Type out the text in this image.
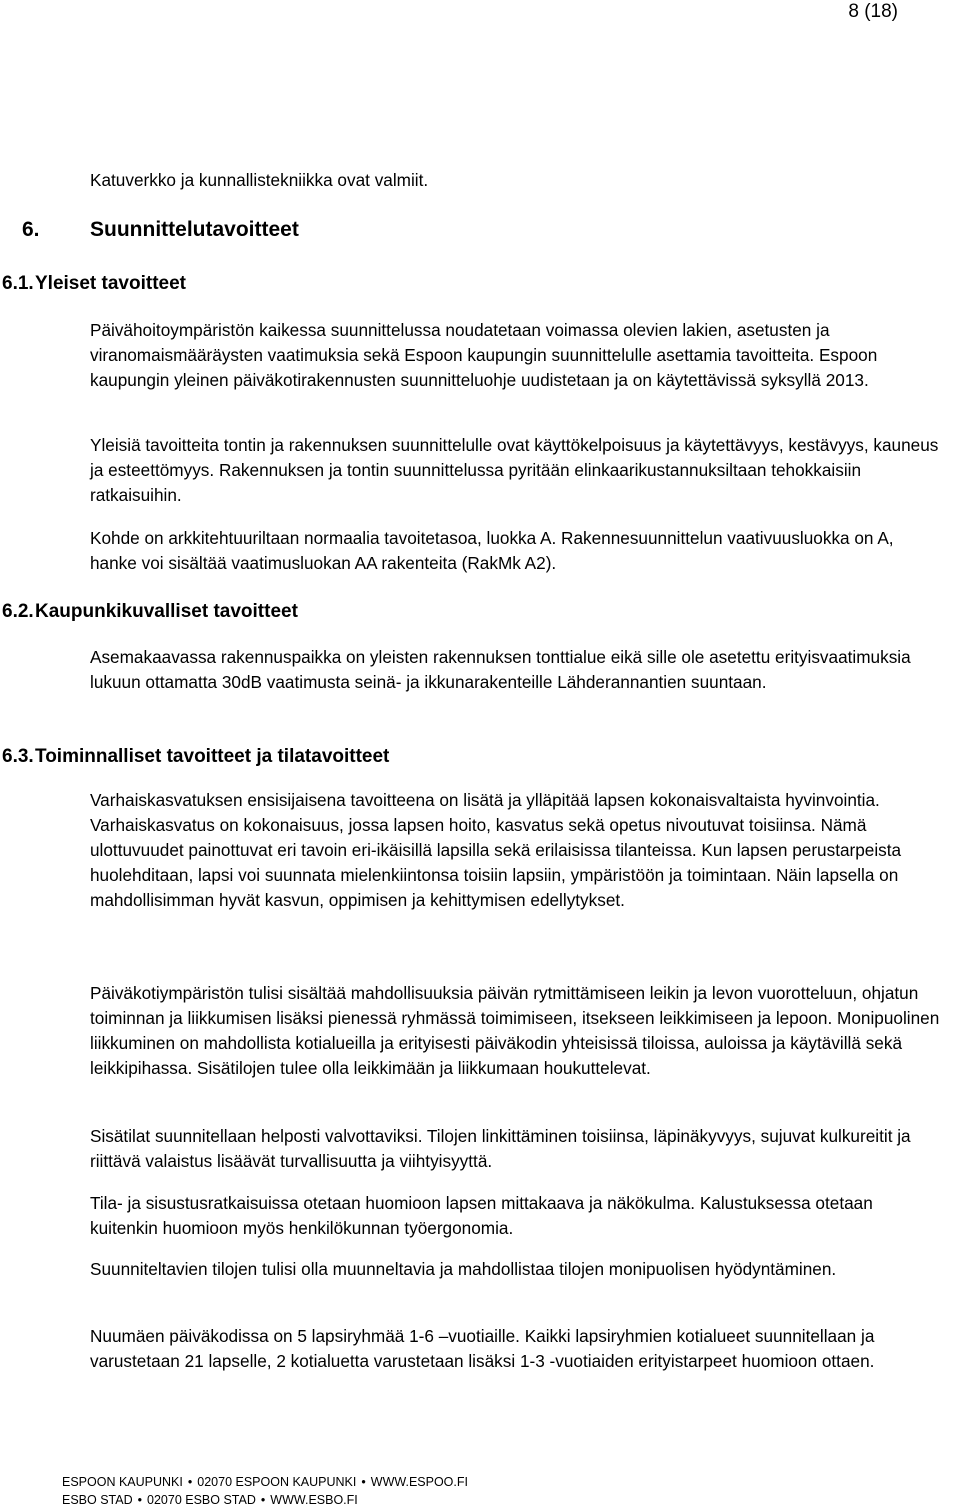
8 (18)

Katuverkko ja kunnallistekniikka ovat valmiit.

6. Suunnittelutavoitteet
6.1.Yleiset tavoitteet

Päivähoitoympäristön kaikessa suunnittelussa noudatetaan voimassa olevien lakien, asetusten ja viranomaismääräysten vaatimuksia sekä Espoon kaupungin suunnittelulle asettamia tavoitteita. Espoon kaupungin yleinen päiväkotirakennusten suunnitteluohje uudistetaan ja on käytettävissä syksyllä 2013.

Yleisiä tavoitteita tontin ja rakennuksen suunnittelulle ovat käyttökelpoisuus ja käytettävyys, kestävyys, kauneus ja esteettömyys. Rakennuksen ja tontin suunnittelussa pyritään elinkaarikustannuksiltaan tehokkaisiin ratkaisuihin.

Kohde on arkkitehtuuriltaan normaalia tavoitetasoa, luokka A. Rakennesuunnittelun vaativuusluokka on A, hanke voi sisältää vaatimusluokan AA rakenteita (RakMk A2).

6.2.Kaupunkikuvalliset tavoitteet

Asemakaavassa rakennuspaikka on yleisten rakennuksen tonttialue eikä sille ole asetettu erityisvaatimuksia lukuun ottamatta 30dB vaatimusta seinä- ja ikkunarakenteille Lähderannantien suuntaan.

6.3.Toiminnalliset tavoitteet ja tilatavoitteet

Varhaiskasvatuksen ensisijaisena tavoitteena on lisätä ja ylläpitää lapsen kokonaisvaltaista hyvinvointia. Varhaiskasvatus on kokonaisuus, jossa lapsen hoito, kasvatus sekä opetus nivoutuvat toisiinsa. Nämä ulottuvuudet painottuvat eri tavoin eri-ikäisillä lapsilla sekä erilaisissa tilanteissa. Kun lapsen perustarpeista huolehditaan, lapsi voi suunnata mielenkiintonsa toisiin lapsiin, ympäristöön ja toimintaan. Näin lapsella on mahdollisimman hyvät kasvun, oppimisen ja kehittymisen edellytykset.

Päiväkotiympäristön tulisi sisältää mahdollisuuksia päivän rytmittämiseen leikin ja levon vuorotteluun, ohjatun toiminnan ja liikkumisen lisäksi pienessä ryhmässä toimimiseen, itsekseen leikkimiseen ja lepoon. Monipuolinen liikkuminen on mahdollista kotialueilla ja erityisesti päiväkodin yhteisissä tiloissa, auloissa ja käytävillä sekä leikkipihassa. Sisätilojen tulee olla leikkimään ja liikkumaan houkuttelevat.

Sisätilat suunnitellaan helposti valvottaviksi. Tilojen linkittäminen toisiinsa, läpinäkyvyys, sujuvat kulkureitit ja riittävä valaistus lisäävät turvallisuutta ja viihtyisyyttä.

Tila- ja sisustusratkaisuissa otetaan huomioon lapsen mittakaava ja näkökulma. Kalustuksessa otetaan kuitenkin huomioon myös henkilökunnan työergonomia.

Suunniteltavien tilojen tulisi olla muunneltavia ja mahdollistaa tilojen monipuolisen hyödyntäminen.

Nuumäen päiväkodissa on 5 lapsiryhmää 1-6 –vuotiaille. Kaikki lapsiryhmien kotialueet suunnitellaan ja varustetaan 21 lapselle, 2 kotialuetta varustetaan lisäksi 1-3 -vuotiaiden erityistarpeet huomioon ottaen.

ESPOON KAUPUNKI • 02070 ESPOON KAUPUNKI • WWW.ESPOO.FI
ESBO STAD • 02070 ESBO STAD • WWW.ESBO.FI
